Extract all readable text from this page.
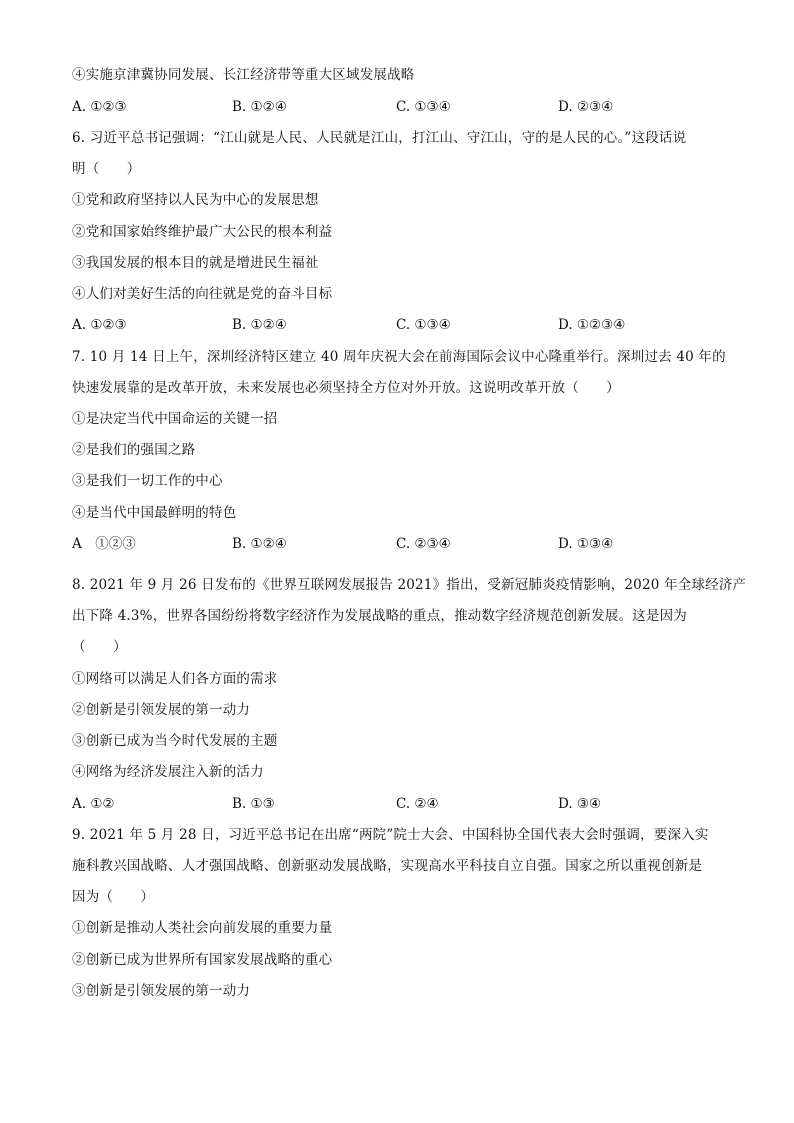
④实施京津冀协同发展、长江经济带等重大区域发展战略
A. ①②③	B. ①②④	C. ①③④	D. ②③④
6. 习近平总书记强调：“江山就是人民、人民就是江山，打江山、守江山，守的是人民的心。”这段话说
明（　　）
①党和政府坚持以人民为中心的发展思想
②党和国家始终维护最广大公民的根本利益
③我国发展的根本目的就是增进民生福祉
④人们对美好生活的向往就是党的奋斗目标
A. ①②③	B. ①②④	C. ①③④	D. ①②③④
7. 10 月 14 日上午，深圳经济特区建立 40 周年庆祝大会在前海国际会议中心隆重举行。深圳过去 40 年的
快速发展靠的是改革开放，未来发展也必须坚持全方位对外开放。这说明改革开放（　　）
①是决定当代中国命运的关键一招
②是我们的强国之路
③是我们一切工作的中心
④是当代中国最鲜明的特色
A　①②③	B. ①②④	C. ②③④	D. ①③④
8. 2021 年 9 月 26 日发布的《世界互联网发展报告 2021》指出，受新冠肺炎疫情影响，2020 年全球经济产
出下降 4.3%，世界各国纷纷将数字经济作为发展战略的重点，推动数字经济规范创新发展。这是因为
（　　）
①网络可以满足人们各方面的需求
②创新是引领发展的第一动力
③创新已成为当今时代发展的主题
④网络为经济发展注入新的活力
A. ①②	B. ①③	C. ②④	D. ③④
9. 2021 年 5 月 28 日，习近平总书记在出席“两院”院士大会、中国科协全国代表大会时强调，要深入实
施科教兴国战略、人才强国战略、创新驱动发展战略，实现高水平科技自立自强。国家之所以重视创新是
因为（　　）
①创新是推动人类社会向前发展的重要力量
②创新已成为世界所有国家发展战略的重心
③创新是引领发展的第一动力
